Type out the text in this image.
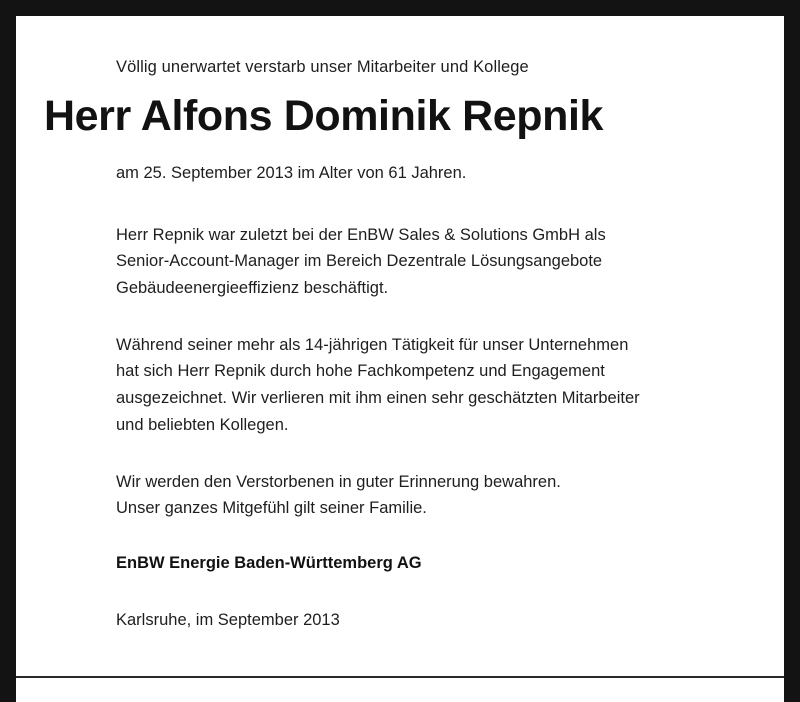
Völlig unerwartet verstarb unser Mitarbeiter und Kollege

Herr Alfons Dominik Repnik

am 25. September 2013 im Alter von 61 Jahren.

Herr Repnik war zuletzt bei der EnBW Sales & Solutions GmbH als
Senior-Account-Manager im Bereich Dezentrale Lösungsangebote
Gebäudeenergieeffizienz beschäftigt.

Während seiner mehr als 14-jährigen Tätigkeit für unser Unternehmen
hat sich Herr Repnik durch hohe Fachkompetenz und Engagement
ausgezeichnet. Wir verlieren mit ihm einen sehr geschätzten Mitarbeiter
und beliebten Kollegen.

Wir werden den Verstorbenen in guter Erinnerung bewahren.
Unser ganzes Mitgefühl gilt seiner Familie.

EnBW Energie Baden-Württemberg AG

Karlsruhe, im September 2013
